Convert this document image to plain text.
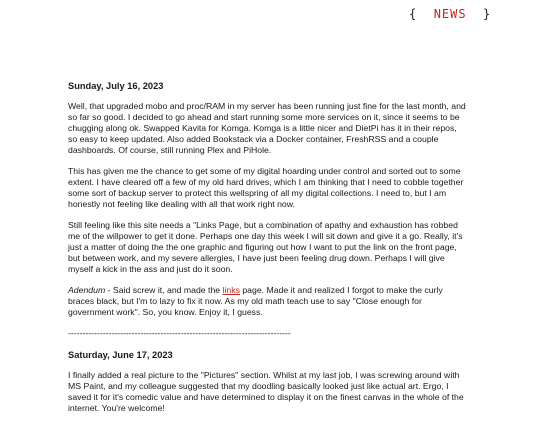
{ NEWS }
Sunday, July 16, 2023

Well, that upgraded mobo and proc/RAM in my server has been running just fine for the last month, and so far so good. I decided to go ahead and start running some more services on it, since it seems to be chugging along ok. Swapped Kavita for Komga. Komga is a little nicer and DietPi has it in their repos, so easy to keep updated. Also added Bookstack via a Docker container, FreshRSS and a couple dashboards. Of course, still running Plex and PiHole.

This has given me the chance to get some of my digital hoarding under control and sorted out to some extent. I have cleared off a few of my old hard drives, which I am thinking that I need to cobble together some sort of backup server to protect this wellspring of all my digital collections. I need to, but I am honestly not feeling like dealing with all that work right now.

Still feeling like this site needs a "Links Page, but a combination of apathy and exhaustion has robbed me of the willpower to get it done. Perhaps one day this week I will sit down and give it a go. Really, it's just a matter of doing the the one graphic and figuring out how I want to put the link on the front page, but between work, and my severe allergies, I have just been feeling drug down. Perhaps I will give myself a kick in the ass and just do it soon.

Adendum - Said screw it, and made the links page. Made it and realized I forgot to make the curly braces black, but I'm to lazy to fix it now. As my old math teach use to say "Close enough for government work". So, you know. Enjoy it, I guess.

-----------------------------------------------------------------------------
Saturday, June 17, 2023

I finally added a real picture to the "Pictures" section. Whilst at my last job, I was screwing around with MS Paint, and my colleague suggested that my doodling basically looked just like actual art. Ergo, I saved it for it's comedic value and have determined to display it on the finest canvas in the whole of the internet. You're welcome!
